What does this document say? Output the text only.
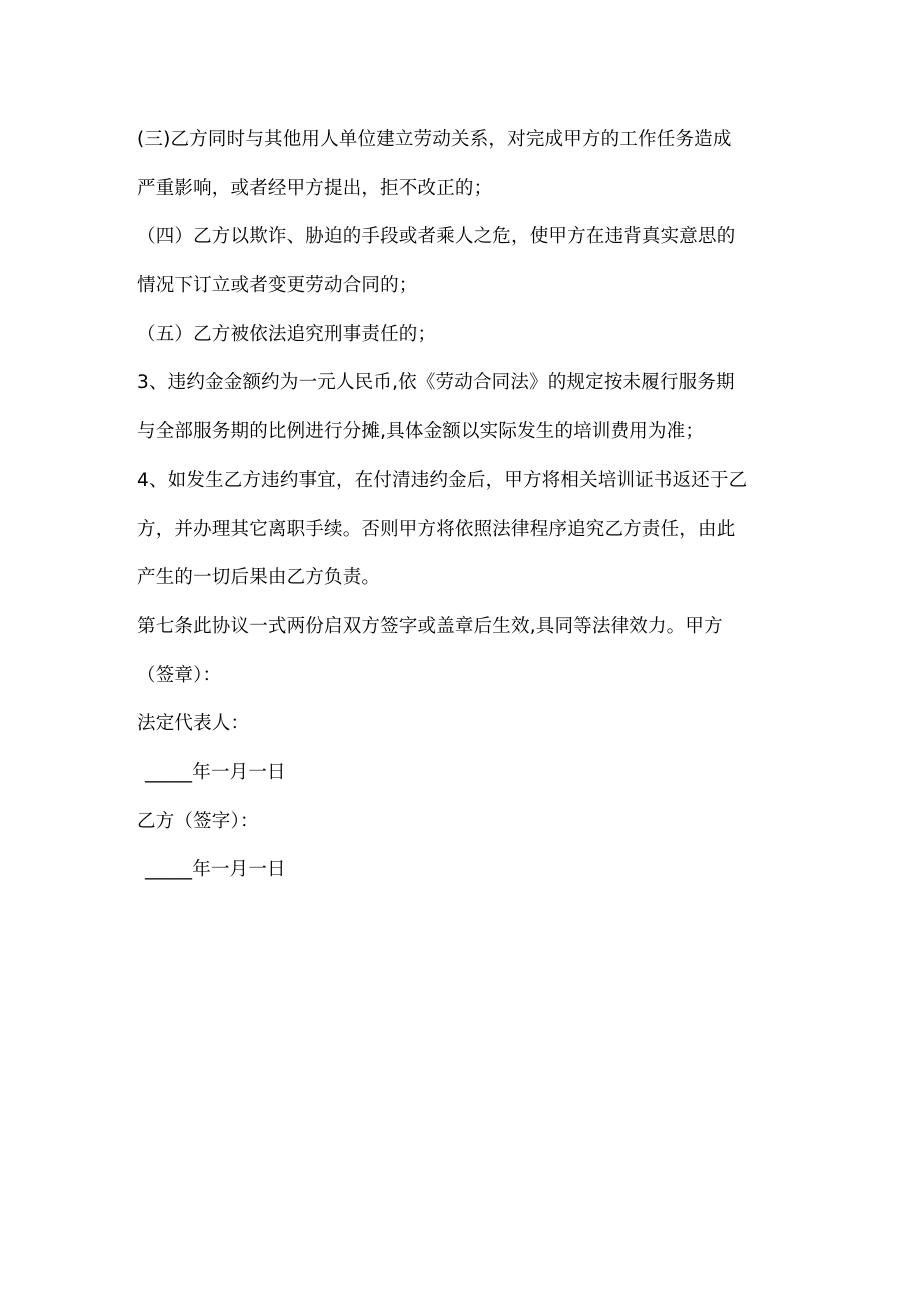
(三)乙方同时与其他用人单位建立劳动关系，对完成甲方的工作任务造成
严重影响，或者经甲方提出，拒不改正的；
（四）乙方以欺诈、胁迫的手段或者乘人之危，使甲方在违背真实意思的
情况下订立或者变更劳动合同的；
（五）乙方被依法追究刑事责任的；
3、违约金金额约为一元人民币,依《劳动合同法》的规定按未履行服务期
与全部服务期的比例进行分摊,具体金额以实际发生的培训费用为准；
4、如发生乙方违约事宜，在付清违约金后，甲方将相关培训证书返还于乙
方，并办理其它离职手续。否则甲方将依照法律程序追究乙方责任，由此
产生的一切后果由乙方负责。
第七条此协议一式两份启双方签字或盖章后生效,具同等法律效力。甲方
（签章）：
法定代表人：
_____年一月一日
乙方（签字）：
_____年一月一日
